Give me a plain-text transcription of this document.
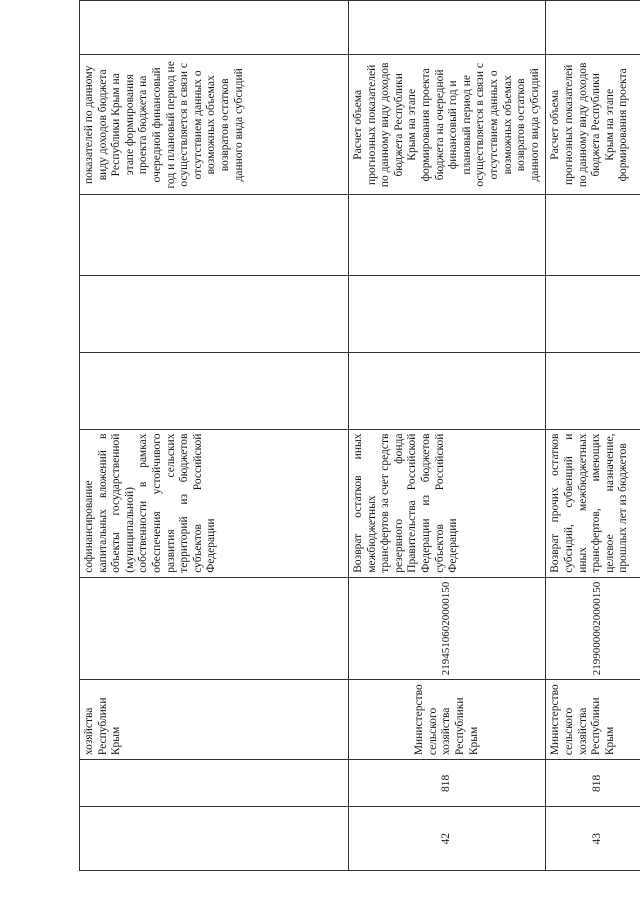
		хозяйства Республики Крым		софинансирование капитальных вложений в объекты государственной (муниципальной) собственности в рамках обеспечения устойчивого развития сельских территорий из бюджетов субъектов Российской Федерации				показателей по данному виду доходов бюджета Республики Крым на этапе формирования проекта бюджета на очередной финансовый год и плановый период не осуществляется в связи с отсутствием данных о возможных объемах возвратов остатков данного вида субсидий	
42	818	Министерство сельского хозяйства Республики Крым	21945106020000150	Возврат остатков иных межбюджетных трансфертов за счет средств резервного фонда Правительства Российской Федерации из бюджетов субъектов Российской Федерации				Расчет объема прогнозных показателей по данному виду доходов бюджета Республики Крым на этапе формирования проекта бюджета на очередной финансовый год и плановый период не осуществляется в связи с отсутствием данных о возможных объемах возвратов остатков данного вида субсидий	
43	818	Министерство сельского хозяйства Республики Крым	21990000020000150	Возврат прочих остатков субсидий, субвенций и иных межбюджетных трансфертов, имеющих целевое назначение, прошлых лет из бюджетов				Расчет объема прогнозных показателей по данному виду доходов бюджета Республики Крым на этапе формирования проекта	
